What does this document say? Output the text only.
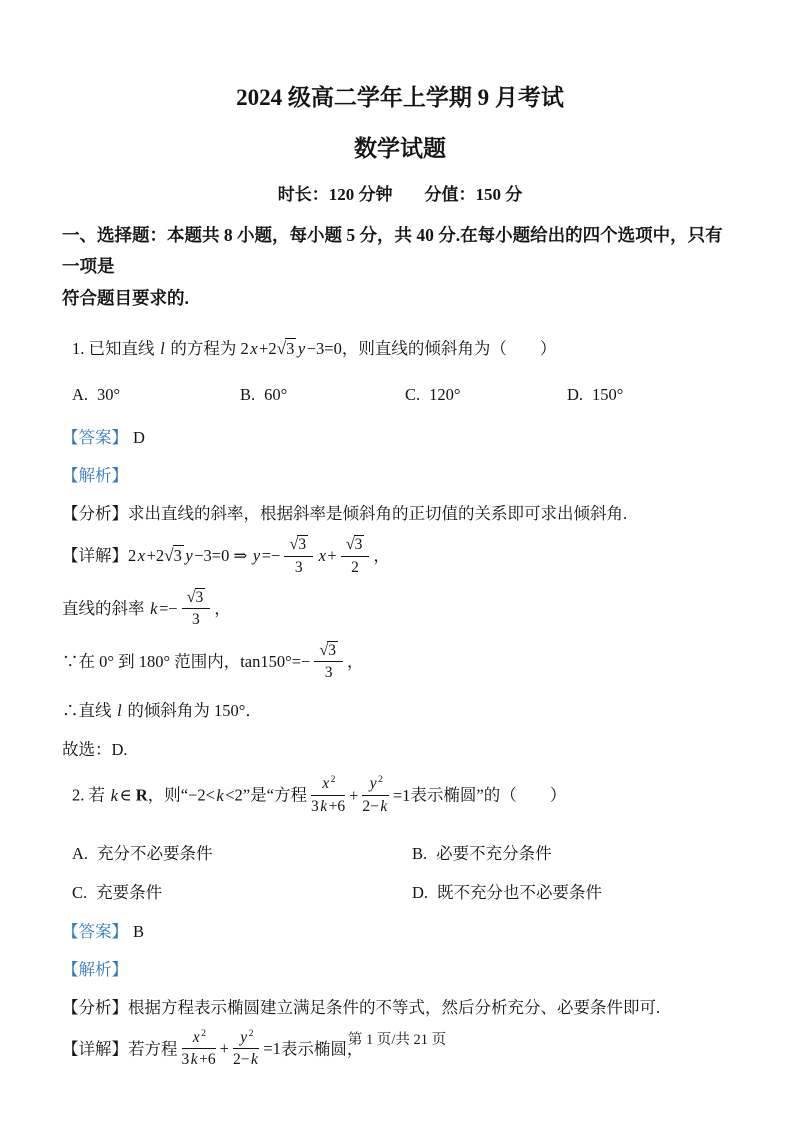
2024 级高二学年上学期 9 月考试
数学试题
时长：120 分钟 分值：150 分
一、选择题：本题共 8 小题，每小题 5 分，共 40 分.在每小题给出的四个选项中，只有一项是
符合题目要求的.
1. 已知直线 l 的方程为 2x+2 √ 3 y−3=0，则直线的倾斜角为（　　）
A. 30°	B. 60°	C. 120°	D. 150°
【答案】 D
【解析】
【分析】求出直线的斜率，根据斜率是倾斜角的正切值的关系即可求出倾斜角.
【详解】2x+2 √ 3 y−3=0 ⇒ y=− √ $\frac{3}{3} x+$ √ $\frac{3}{2}$ ，
直线的斜率 k=− √ $\frac{3}{3}$ ，
∵在 0° 到 180° 范围内，tan150°=− √ $\frac{3}{3}$ ，
∴直线 l 的倾斜角为 150°．
故选：D.
2. 若 k∈ R，则“−2<k<2”是“方程 $\frac{x ^2}{3k+6} + \frac{y ^2}{2-k} =1$表示椭圆”的（　　）
A. 充分不必要条件	B. 必要不充分条件
C. 充要条件	D. 既不充分也不必要条件
【答案】 B
【解析】
【分析】根据方程表示椭圆建立满足条件的不等式，然后分析充分、必要条件即可.
【详解】若方程 $\frac{x ^2}{3k+6} + \frac{y ^2}{2-k} =1$表示椭圆，
第 1 页/共 21 页
